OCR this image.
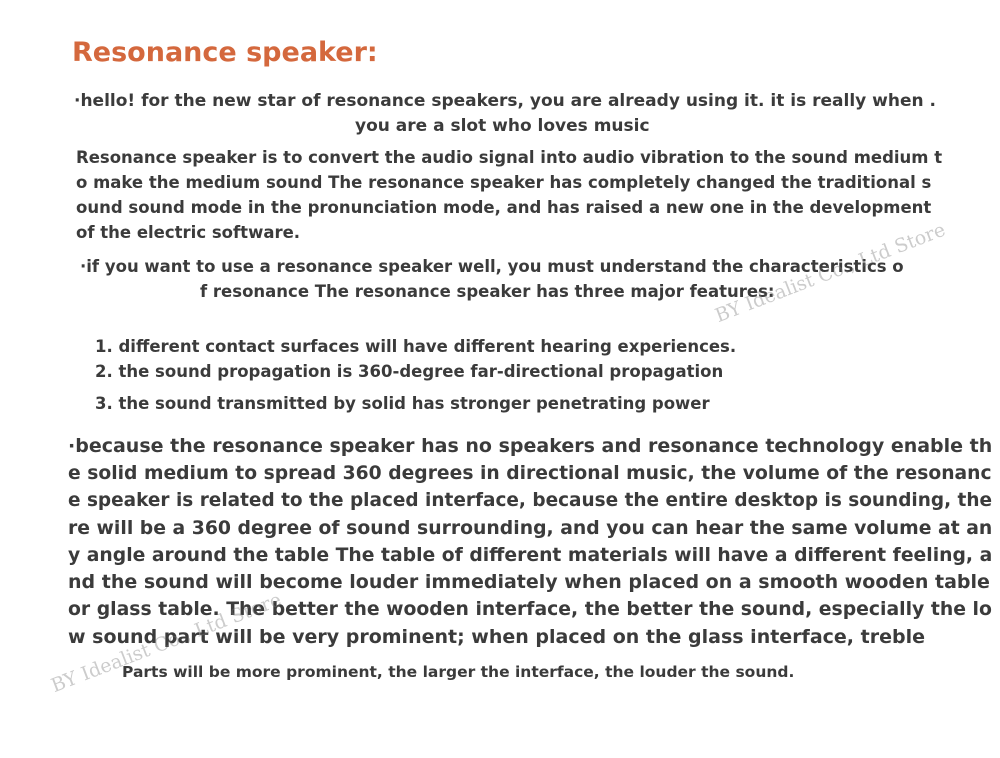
Resonance speaker:
·hello! for the new star of resonance speakers, you are already using it. it is really when .
you are a slot who loves music
Resonance speaker is to convert the audio signal into audio vibration to the sound medium t
o make the medium sound The resonance speaker has completely changed the traditional s
ound sound mode in the pronunciation mode, and has raised a new one in the development
of the electric software.
·if you want to use a resonance speaker well, you must understand the characteristics o
f resonance The resonance speaker has three major features:
1. different contact surfaces will have different hearing experiences.
2. the sound propagation is 360-degree far-directional propagation
3. the sound transmitted by solid has stronger penetrating power
·because the resonance speaker has no speakers and resonance technology enable th
e solid medium to spread 360 degrees in directional music, the volume of the resonanc
e speaker is related to the placed interface, because the entire desktop is sounding, the
re will be a 360 degree of sound surrounding, and you can hear the same volume at an
y angle around the table The table of different materials will have a different feeling, a
nd the sound will become louder immediately when placed on a smooth wooden table
or glass table. The better the wooden interface, the better the sound, especially the lo
w sound part will be very prominent; when placed on the glass interface, treble
Parts will be more prominent, the larger the interface, the louder the sound.
BY Idealist Co., Ltd Store
BY Idealist Co., Ltd Store
